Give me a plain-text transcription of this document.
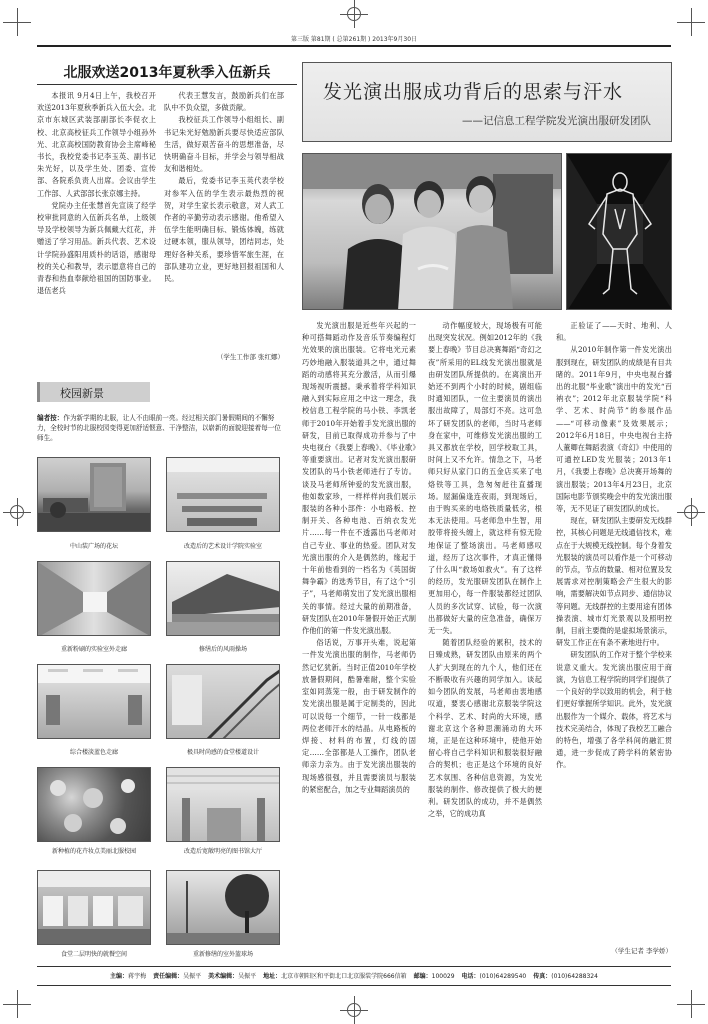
第三版 第81期 ( 总第261期 ) 2013年9月30日
北服欢送2013年夏秋季入伍新兵

本报讯 9月4日上午，我校召开欢送2013年夏秋季新兵入伍大会。北京市东城区武装部副部长李促衣上校、北京高校征兵工作领导小组孙外光、北京高校国防教育协会主席峰秘书长，我校党委书记李玉英、副书记朱光好，以及学生处、团委、宣传部、各院系负责人出席。会议由学生工作部、人武部部长张京娜主持。

党院办主任张慧首先宣读了经学校审批同意的入伍新兵名单，上级领导及学校领导为新兵佩戴大红花，并赠送了学习用品。新兵代表、艺术设计学院孙盛阳用质朴的话语，感谢母校的关心和教导，表示愿意将自己的青春和热血奉献给祖国的国防事业。退伍老兵

代表王慧发言，鼓励新兵们在部队中不负众望，多做贡献。

我校征兵工作领导小组组长、副书记朱光好勉励新兵要尽快适应部队生活，做好艰苦奋斗的思想准备，尽快明确奋斗目标，并学会与领导相战友和谐相处。

最后，党委书记李玉英代表学校对参军入伍的学生表示最热烈的祝贺，对学生家长表示敬意，对人武工作者的辛勤劳动表示感谢。他希望入伍学生能明确目标、锻炼体魄，练就过硬本领，服从领导，团结同志，处理好各种关系，要珍惜军旅生涯，在部队建功立业，更好地回报祖国和人民。

（学生工作部 张红娜）
校园新景
编者按：作为新学期的北服，让人不由眼前一亮。经过相关部门暑假期间的不懈努力，全校时节的北服校园变得更加舒适惬意、干净整洁，以崭新的面貌迎接着每一位师生。
中山装广场的花坛	改造后的艺术设计学院实验室
重新粉刷的实验室外走廊	修缮后的风雨操场
综合楼淡蓝色走廊	极具时尚感的食堂楼道设计
新种植的花卉妆点美丽北服校园	改造后宽敞明亮的图书馆大厅
食堂二层明快的就餐空间	重新修缮的室外篮球场
发光演出服成功背后的思索与汗水
——记信息工程学院发光演出服研发团队

发光演出服是近些年兴起的一种可搭舞蹈动作及音乐节奏编程灯光效果的演出服装。它将电光元素巧妙地融入服装道具之中，通过舞蹈的动感将其充分激活，从而引爆现场视听震撼。秉承着将学科知识融入到实际应用之中这一理念，我校信息工程学院的马小铁、李凯老师于2010年开始着手发光演出服的研发，目前已取得成功并参与了中央电视台《我要上春晚》、《毕业歌》等重要演出。记者对发光演出服研发团队的马小铁老师进行了专访。谈及马老师所钟爱的发光演出服，他如数家珍，一样样样向我们展示服装的各种小部件：小电路板、控制开关、各种电池、百纳衣发光片……每一件在不透露出马老师对自己专业、事业的热爱。团队对发光演出服的介入是偶然的，缘起于十年前他看到的一档名为《英国街舞争霸》的选秀节目，有了这个“引子”，马老师萌发出了发光演出服相关的事情。经过大量的前期准备，研发团队在2010年暑假开始正式制作他们的第一件发光演出服。

俗话说，万事开头难，说起第一件发光演出服的制作，马老师仍然记忆犹新。当时正值2010年学校放暑假期间，酷暑难耐，整个实验室如同蒸笼一般，由于研发制作的发光演出服是属于定制类的，因此可以说每一个细节，一针一线都是两位老师汗水的结晶。从电路板的焊接、材料的布置，灯线的固定……全部都是人工操作，团队老师亲力亲为。由于发光演出服装的现场感很强，并且需要演员与服装的紧密配合，加之专业舞蹈演员的

动作幅度较大，现场极有可能出现突发状况。例如2012年的《我要上春晚》节目总决赛舞蹈“奇幻之夜”所采用的EL线发光演出服就是由研发团队所提供的。在离演出开始还不到两个小时的时候，剧组临时通知团队，一位主要演员的演出服出故障了，局部灯不亮。这可急坏了研发团队的老师，当时马老师身在家中，可维修发光演出服的工具又都放在学校，回学校取工具，时间上又不允许。情急之下，马老师只好从家门口的五金店买来了电烙铁等工具，急匆匆赶往直播现场。屋漏偏逢连夜雨，到现场后，由于购买来的电烙铁质量低劣，根本无法使用。马老师急中生智，用胶带将接头缠上，就这样有惊无险地保证了整场演出。马老师感叹道，经历了这次事件，才真正懂得了什么叫“救场如救火”。有了这样的经历，发光服研发团队在制作上更加用心，每一件服装都经过团队人员的多次试穿、试验，每一次演出都做好大量的应急准备，确保万无一失。

随着团队经验的累积，技术的日臻成熟，研发团队由原来的两个人扩大到现在的九个人，他们还在不断吸收有兴趣的同学加入。谈起如今团队的发展，马老师由衷地感叹道，要衷心感谢北京服装学院这个科学、艺术、时尚的大环境，感谢北京这个各种思潮涌动的大环境，正是在这种环境中，使他开始留心将自己学科知识和服装很好融合的契机；也正是这个环境的良好艺术氛围、各种信息资源，为发光服装的制作、修改提供了极大的便利。研发团队的成功，并不是偶然之举，它的成功真

正验证了——天时、地利、人和。

从2010年制作第一件发光演出服到现在，研发团队的成绩是有目共睹的。2011年9月，中央电视台播出的北服“毕业歌”演出中的发光“百衲衣”；2012年北京服装学院“科学、艺术、时尚节”的参展作品——“可移动像素”及效果展示；2012年6月18日，中央电视台主持人董卿在舞蹈表演《奇幻》中使用的可通控LED发光服装；2013年1月，《我要上春晚》总决赛开场舞的演出服装；2013年4月23日，北京国际电影节颁奖晚会中的发光演出服等，无不见证了研发团队的成长。

现在，研发团队主要研发无线群控，其核心问题是无线通信技术，难点在于大规模无线控制。每个身着发光服装的演员可以看作是一个可移动的节点，节点的数量、相对位置及发展需求对控制策略会产生很大的影响，需要解决如节点同步、通信协议等问题。无线群控的主要用途有团体操表演、城市灯光景观以及照明控制，目前主要微的是虚拟场景演示，研发工作正在有条不紊地进行中。

研发团队的工作对于整个学校来说意义重大。发光演出服应用于商演，为信息工程学院的同学们提供了一个良好的学以致用的机会，利于他们更好掌握所学知识。此外，发光演出服作为一个媒介、载体，将艺术与技术完美结合，体现了我校艺工融合的特色，增强了各学科间的融汇贯通，进一步促成了跨学科的紧密协作。

（学生记者 李学娇）
主编：蒋宇梅 责任编辑：吴振平 美术编辑：吴振平 地址：北京市朝阳区和平街北口北京服装学院666信箱 邮编：100029 电话：(010)64289540 传真：(010)64288324
